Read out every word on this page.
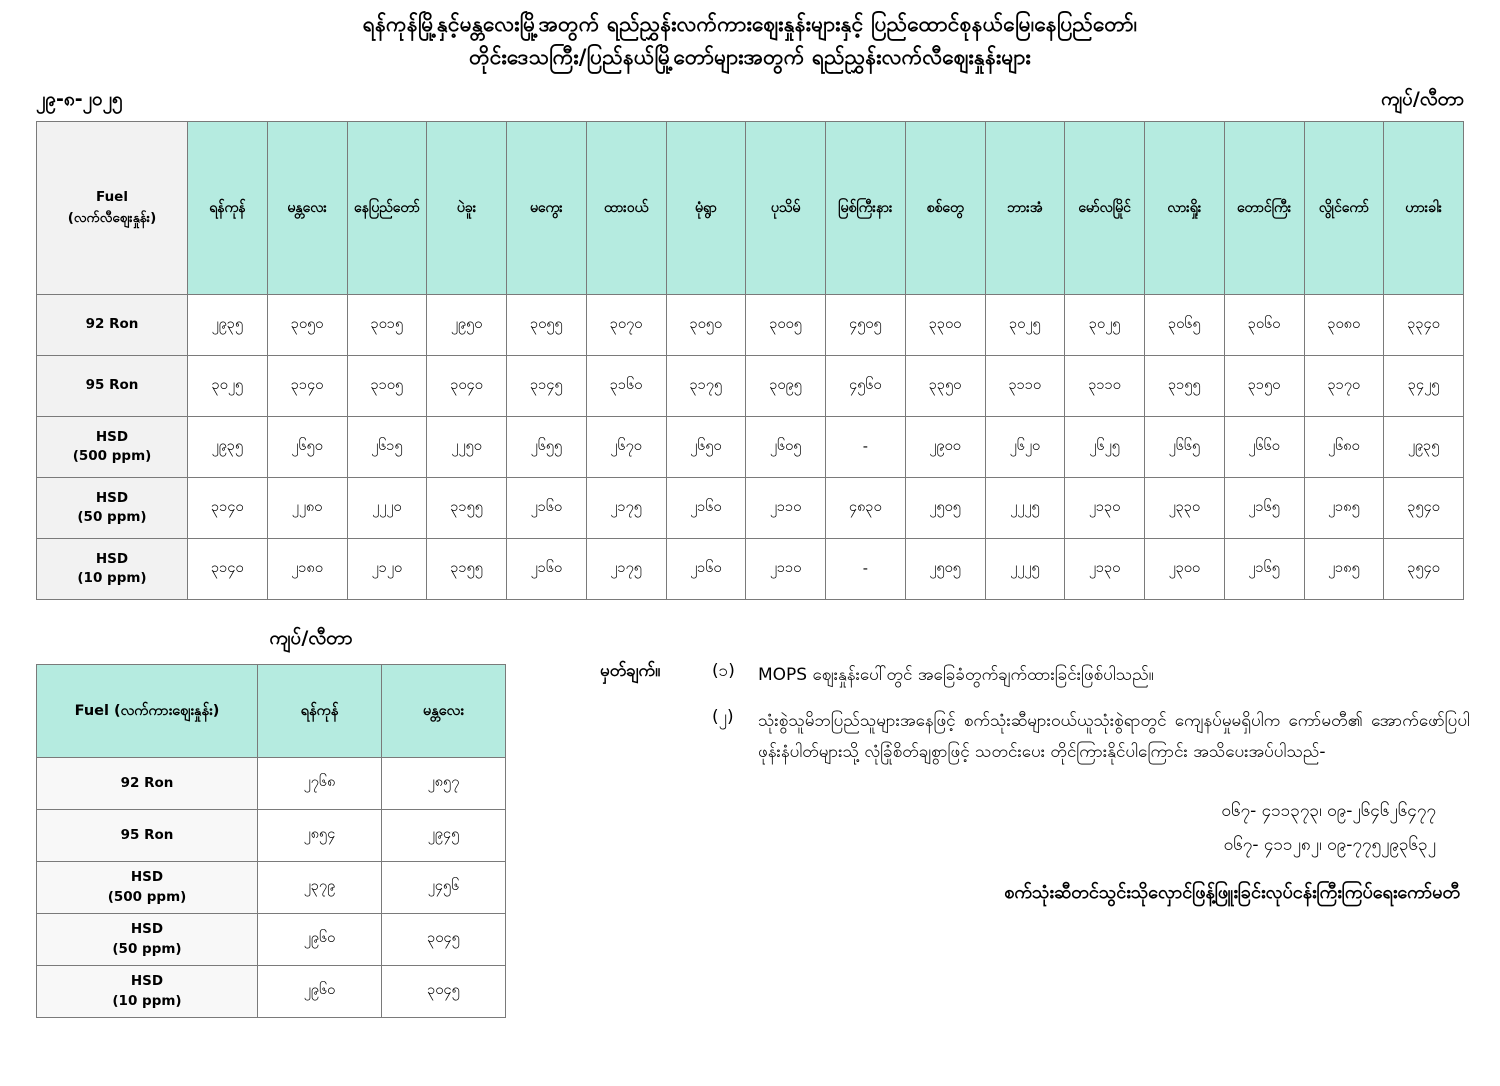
ရန်ကုန်မြို့နှင့်မန္တလေးမြို့အတွက် ရည်ညွှန်းလက်ကားဈေးနှုန်းများနှင့် ပြည်ထောင်စုနယ်မြေ၊နေပြည်တော်၊
တိုင်းဒေသကြီး/ပြည်နယ်မြို့တော်များအတွက် ရည်ညွှန်းလက်လီဈေးနှုန်းများ
၂၉-၈-၂၀၂၅	ကျပ်/လီတာ
Fuel
(လက်လီဈေးနှုန်း)	ရန်ကုန်	မန္တလေး	နေပြည်တော်	ပဲခူး	မကွေး	ထားဝယ်	မုံရွာ	ပုသိမ်	မြစ်ကြီးနား	စစ်တွေ	ဘားအံ	မော်လမြိုင်	လားရှိုး	တောင်ကြီး	လွိုင်ကော်	ဟားခါး
92 Ron	၂၉၃၅	၃၀၅၀	၃၀၁၅	၂၉၅၀	၃၀၅၅	၃၀၇၀	၃၀၅၀	၃၀၀၅	၄၅၀၅	၃၃၀၀	၃၀၂၅	၃၀၂၅	၃၀၆၅	၃၀၆၀	၃၀၈၀	၃၃၄၀
95 Ron	၃၀၂၅	၃၁၄၀	၃၁၀၅	၃၀၄၀	၃၁၄၅	၃၁၆၀	၃၁၇၅	၃၀၉၅	၄၅၆၀	၃၃၅၀	၃၁၁၀	၃၁၁၀	၃၁၅၅	၃၁၅၀	၃၁၇၀	၃၄၂၅
HSD
(500 ppm)	၂၉၃၅	၂၆၅၀	၂၆၁၅	၂၂၅၀	၂၆၅၅	၂၆၇၀	၂၆၅၀	၂၆၀၅	-	၂၉၀၀	၂၆၂၀	၂၆၂၅	၂၆၆၅	၂၆၆၀	၂၆၈၀	၂၉၃၅
HSD
(50 ppm)	၃၁၄၀	၂၂၈၀	၂၂၂၀	၃၁၅၅	၂၁၆၀	၂၁၇၅	၂၁၆၀	၂၁၁၀	၄၈၃၀	၂၅၀၅	၂၂၂၅	၂၁၃၀	၂၃၃၀	၂၁၆၅	၂၁၈၅	၃၅၄၀
HSD
(10 ppm)	၃၁၄၀	၂၁၈၀	၂၁၂၀	၃၁၅၅	၂၁၆၀	၂၁၇၅	၂၁၆၀	၂၁၁၀	-	၂၅၀၅	၂၂၂၅	၂၁၃၀	၂၃၀၀	၂၁၆၅	၂၁၈၅	၃၅၄၀
ကျပ်/လီတာ
Fuel (လက်ကားဈေးနှုန်း)	ရန်ကုန်	မန္တလေး
92 Ron	၂၇၆၈	၂၈၅၇
95 Ron	၂၈၅၄	၂၉၄၅
HSD
(500 ppm)	၂၃၇၉	၂၄၅၆
HSD
(50 ppm)	၂၉၆၀	၃၀၄၅
HSD
(10 ppm)	၂၉၆၀	၃၀၄၅
မှတ်ချက်။	(၁)	MOPS ဈေးနှုန်းပေါ်တွင် အခြေခံတွက်ချက်ထားခြင်းဖြစ်ပါသည်။
(၂)	သုံးစွဲသူမိဘပြည်သူများအနေဖြင့် စက်သုံးဆီများဝယ်ယူသုံးစွဲရာတွင် ကျေနပ်မှုမရှိပါက ကော်မတီ၏ အောက်ဖော်ပြပါဖုန်းနံပါတ်များသို့ လုံခြုံစိတ်ချစွာဖြင့် သတင်းပေး တိုင်ကြားနိုင်ပါကြောင်း အသိပေးအပ်ပါသည်-
၀၆၇- ၄၁၁၃၇၃၊ ၀၉-၂၆၄၆၂၆၄၇၇
၀၆၇- ၄၁၁၂၈၂၊ ၀၉-၇၇၅၂၉၃၆၃၂
စက်သုံးဆီတင်သွင်းသိုလှောင်ဖြန့်ဖြူးခြင်းလုပ်ငန်းကြီးကြပ်ရေးကော်မတီ
